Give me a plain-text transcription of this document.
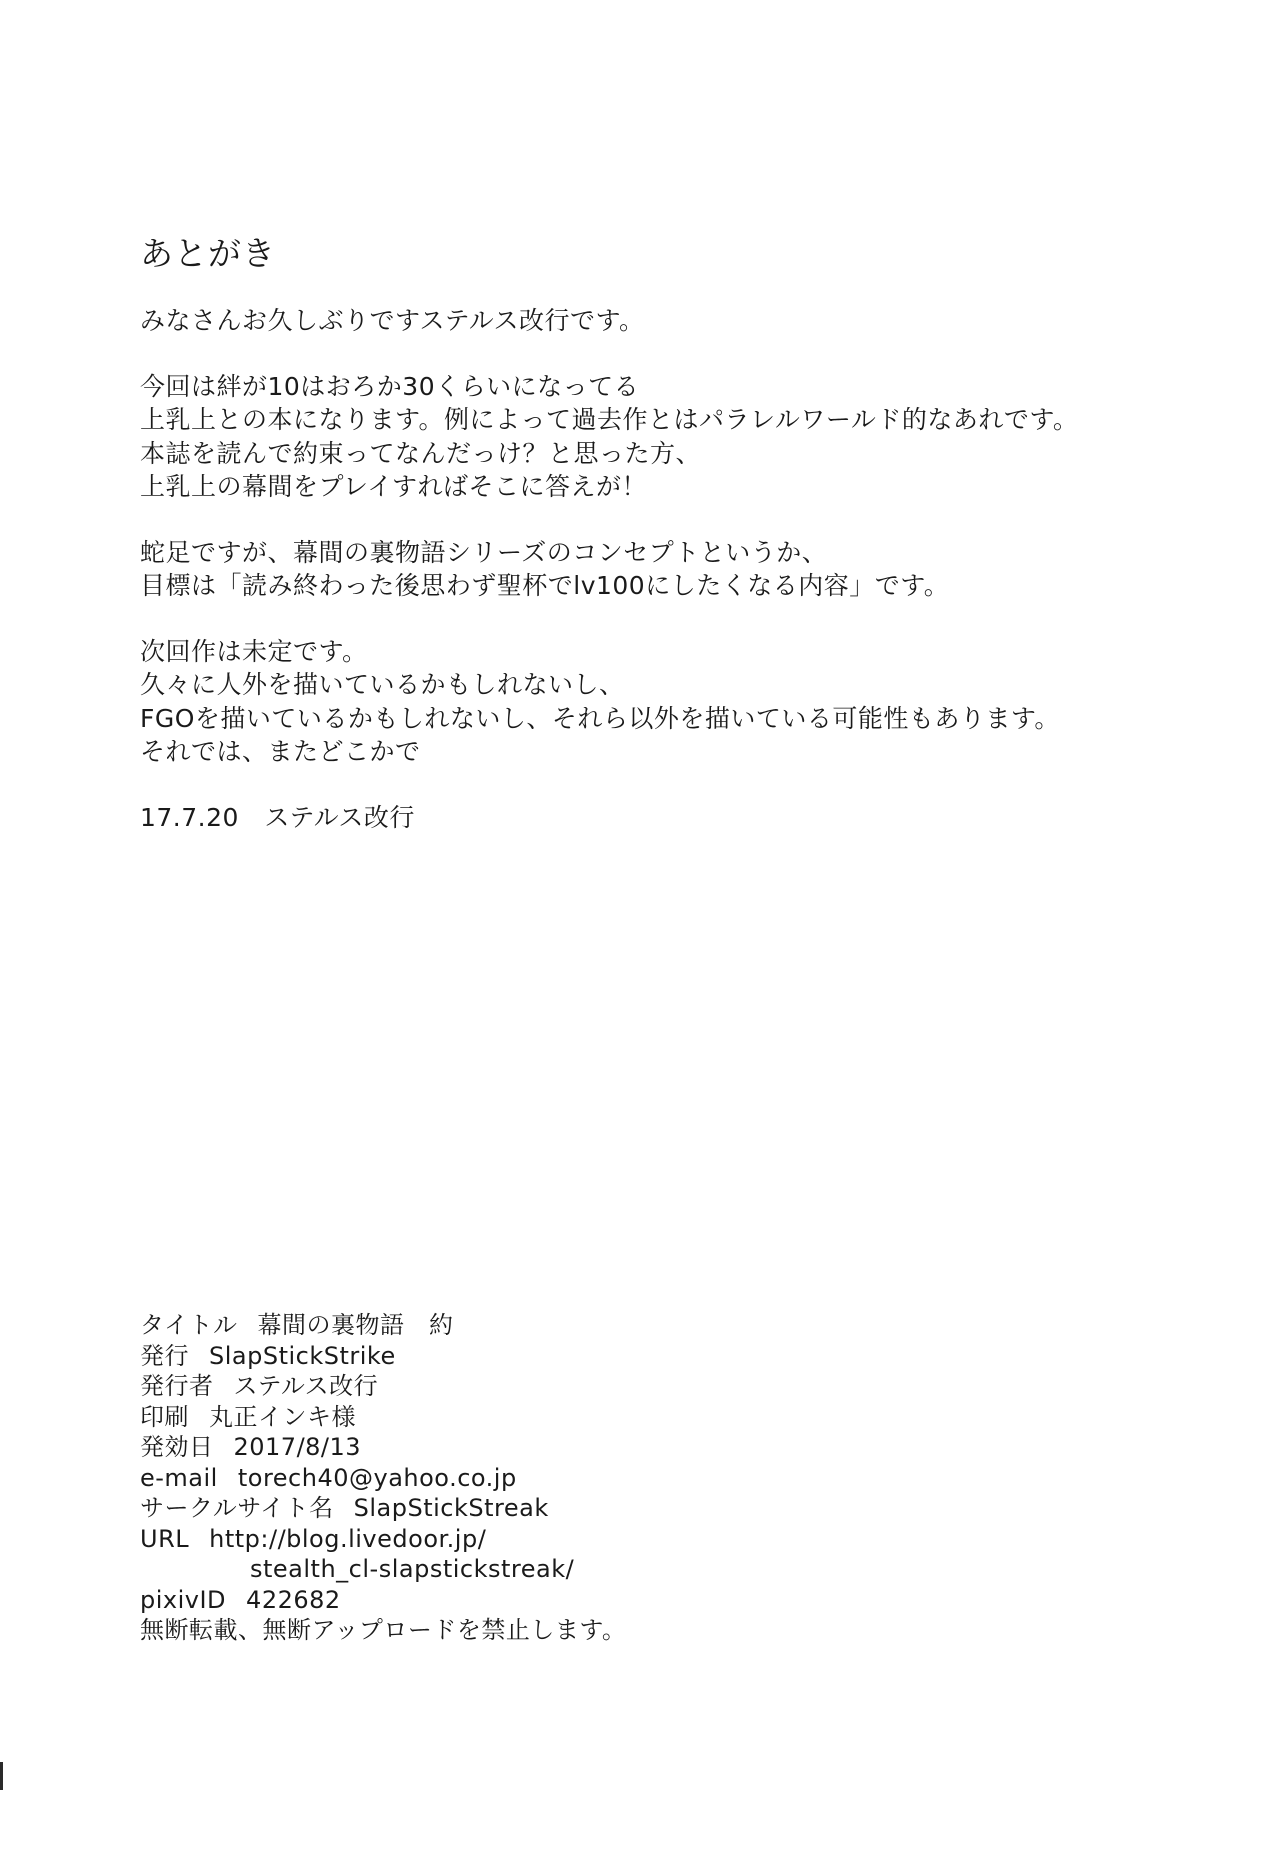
あとがき
みなさんお久しぶりですステルス改行です。
今回は絆が10はおろか30くらいになってる
上乳上との本になります。例によって過去作とはパラレルワールド的なあれです。
本誌を読んで約束ってなんだっけ？と思った方、
上乳上の幕間をプレイすればそこに答えが！
蛇足ですが、幕間の裏物語シリーズのコンセプトというか、
目標は「読み終わった後思わず聖杯でlv100にしたくなる内容」です。
次回作は未定です。
久々に人外を描いているかもしれないし、
FGOを描いているかもしれないし、それら以外を描いている可能性もあります。
それでは、またどこかで
17.7.20　ステルス改行
タイトル 幕間の裏物語　約
発行 SlapStickStrike
発行者 ステルス改行
印刷 丸正インキ様
発効日 2017/8/13
e-mail torech40@yahoo.co.jp
サークルサイト名 SlapStickStreak
URL http://blog.livedoor.jp/
stealth_cl-slapstickstreak/
pixivID 422682
無断転載、無断アップロードを禁止します。
